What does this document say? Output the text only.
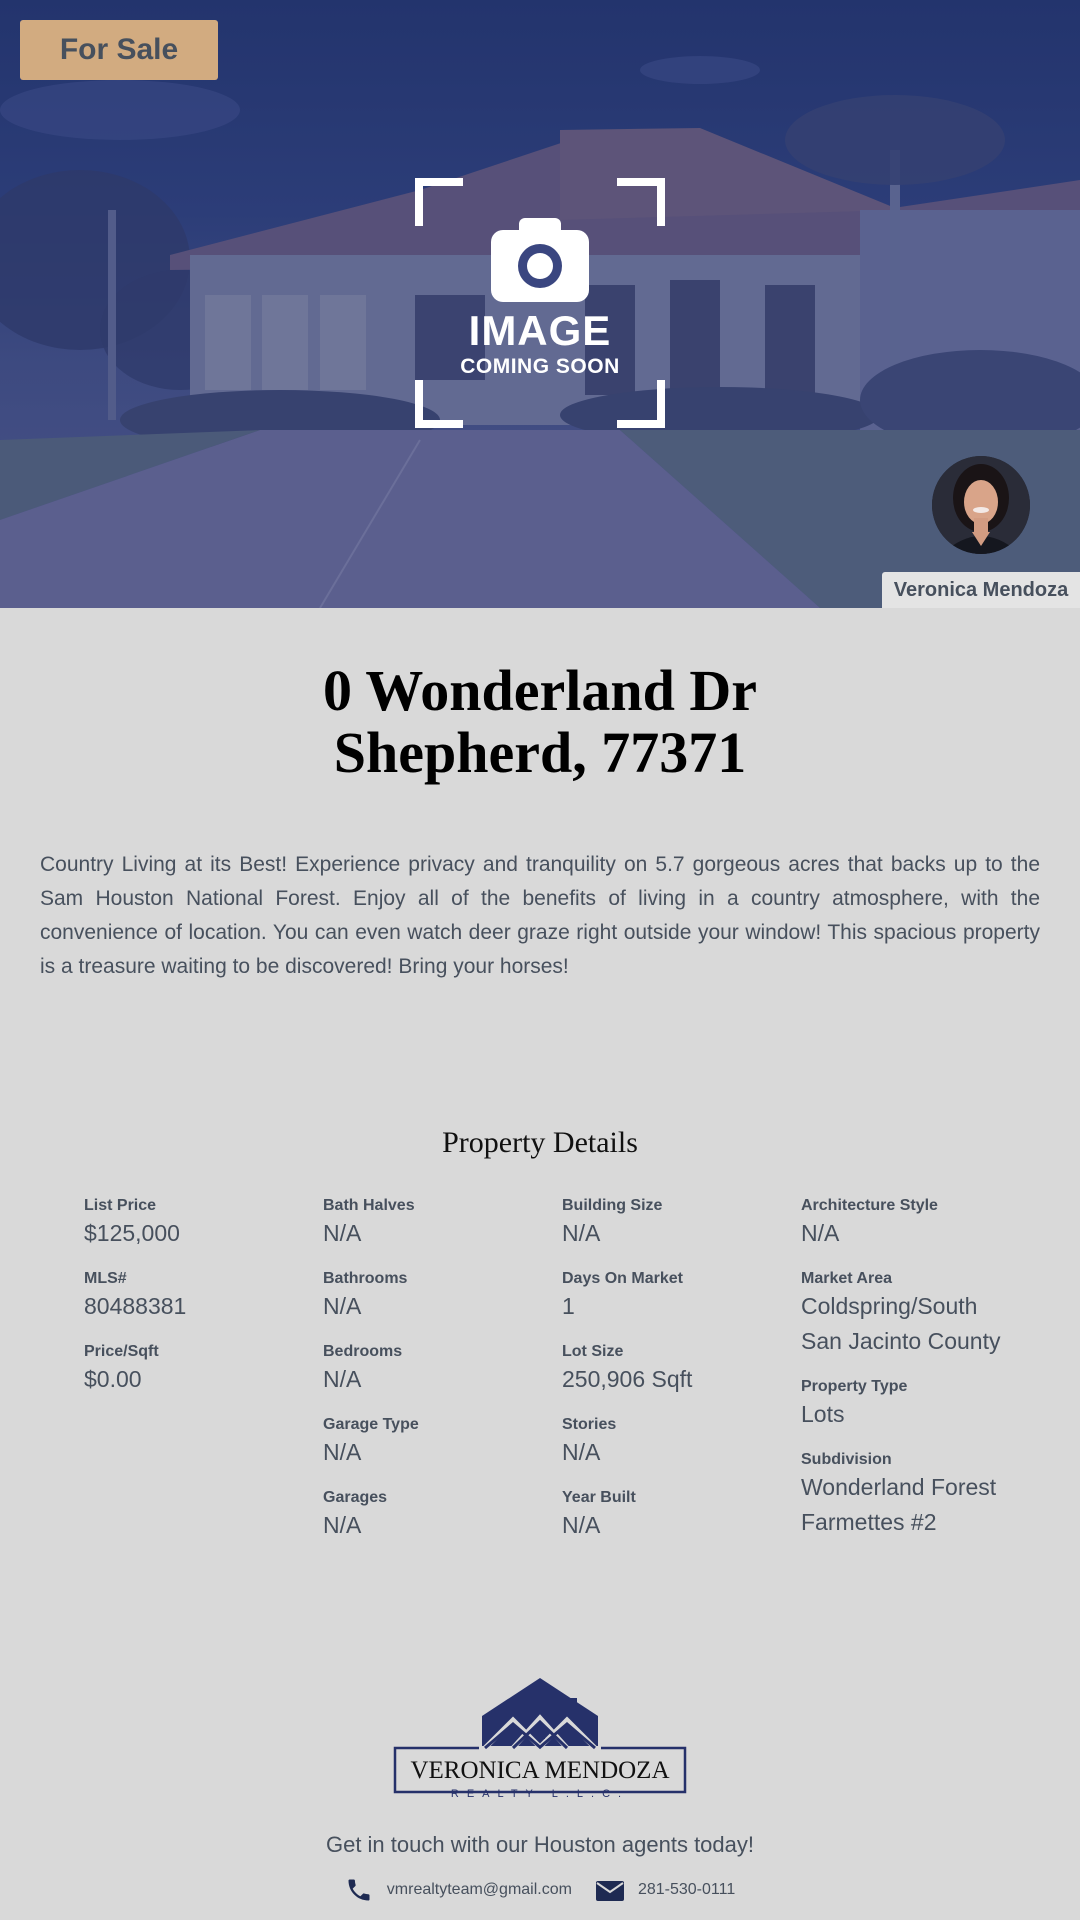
For Sale
IMAGE
COMING SOON
Veronica Mendoza
0 Wonderland Dr
Shepherd, 77371
Country Living at its Best! Experience privacy and tranquility on 5.7 gorgeous acres that backs up to the Sam Houston National Forest. Enjoy all of the benefits of living in a country atmosphere, with the convenience of location. You can even watch deer graze right outside your window! This spacious property is a treasure waiting to be discovered! Bring your horses!
Property Details
List Price
$125,000
MLS#
80488381
Price/Sqft
$0.00
Bath Halves
N/A
Bathrooms
N/A
Bedrooms
N/A
Garage Type
N/A
Garages
N/A
Building Size
N/A
Days On Market
1
Lot Size
250,906 Sqft
Stories
N/A
Year Built
N/A
Architecture Style
N/A
Market Area
Coldspring/South San Jacinto County
Property Type
Lots
Subdivision
Wonderland Forest Farmettes #2
VERONICA MENDOZA
REALTY L.L.C.
Get in touch with our Houston agents today!
vmrealtyteam@gmail.com	281-530-0111
